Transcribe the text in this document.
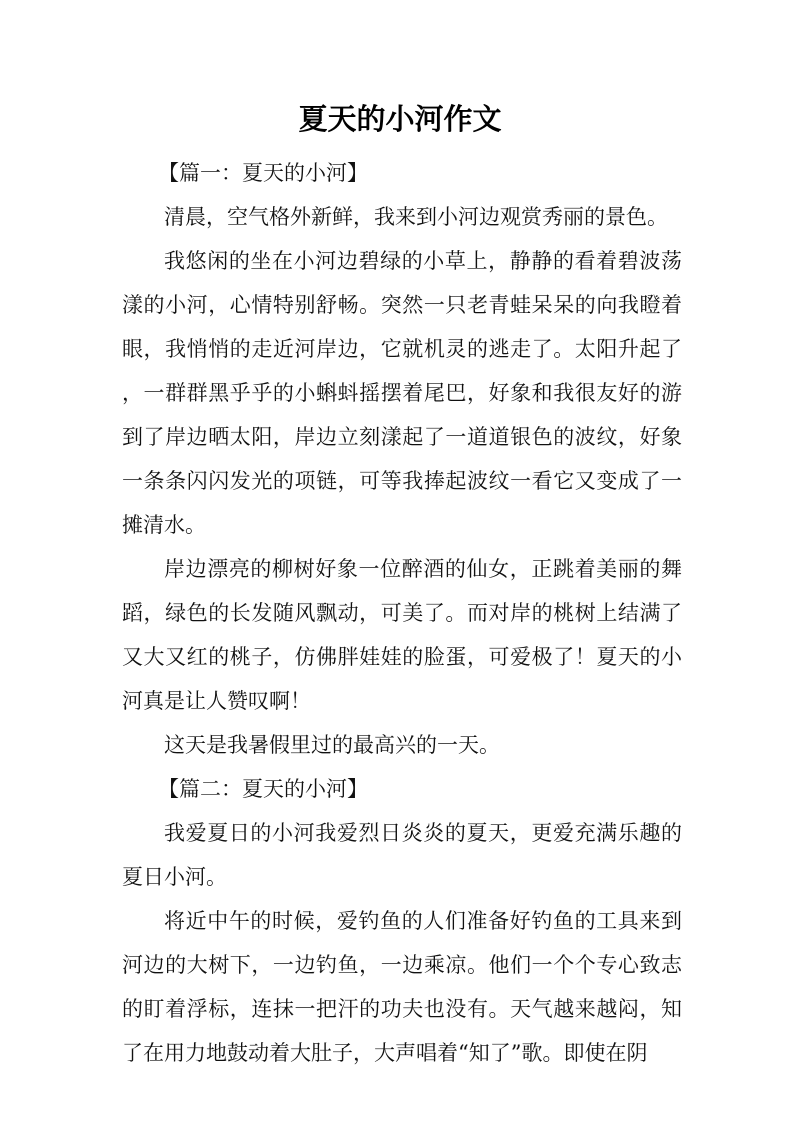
夏天的小河作文

【篇一：夏天的小河】

清晨，空气格外新鲜，我来到小河边观赏秀丽的景色。

我悠闲的坐在小河边碧绿的小草上，静静的看着碧波荡漾的小河，心情特别舒畅。突然一只老青蛙呆呆的向我瞪着眼，我悄悄的走近河岸边，它就机灵的逃走了。太阳升起了，一群群黑乎乎的小蝌蚪摇摆着尾巴，好象和我很友好的游到了岸边晒太阳，岸边立刻漾起了一道道银色的波纹，好象一条条闪闪发光的项链，可等我捧起波纹一看它又变成了一摊清水。

岸边漂亮的柳树好象一位醉酒的仙女，正跳着美丽的舞蹈，绿色的长发随风飘动，可美了。而对岸的桃树上结满了又大又红的桃子，仿佛胖娃娃的脸蛋，可爱极了！夏天的小河真是让人赞叹啊！

这天是我暑假里过的最高兴的一天。

【篇二：夏天的小河】

我爱夏日的小河我爱烈日炎炎的夏天，更爱充满乐趣的夏日小河。

将近中午的时候，爱钓鱼的人们准备好钓鱼的工具来到河边的大树下，一边钓鱼，一边乘凉。他们一个个专心致志的盯着浮标，连抹一把汗的功夫也没有。天气越来越闷，知了在用力地鼓动着大肚子，大声唱着“知了”歌。即使在阴
